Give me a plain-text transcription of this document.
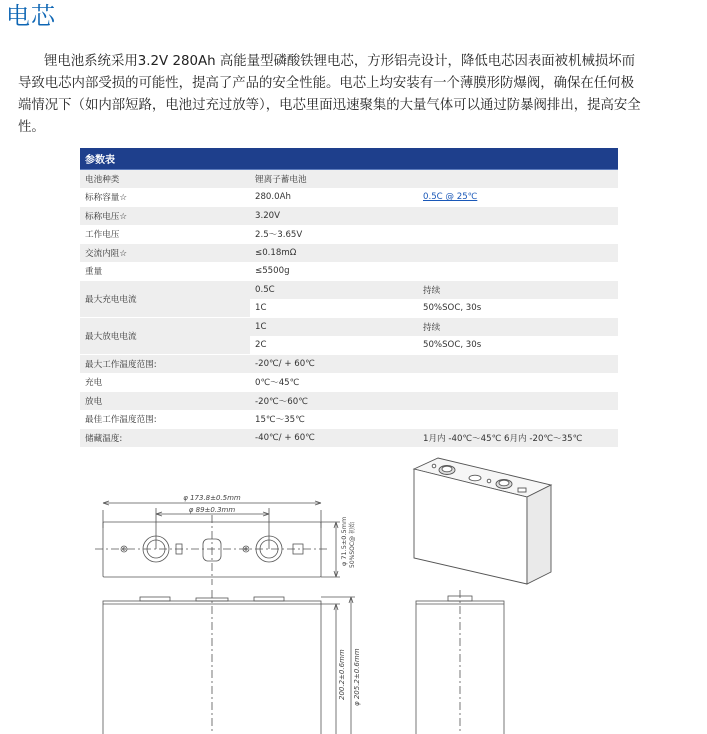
电芯
锂电池系统采用3.2V 280Ah 高能量型磷酸铁锂电芯，方形铝壳设计，降低电芯因表面被机械损坏而导致电芯内部受损的可能性，提高了产品的安全性能。电芯上均安装有一个薄膜形防爆阀，确保在任何极端情况下（如内部短路，电池过充过放等），电芯里面迅速聚集的大量气体可以通过防暴阀排出，提高安全性。
参数表		
电池种类	锂离子蓄电池	
标称容量☆	280.0Ah	0.5C @ 25℃
标称电压☆	3.20V	
工作电压	2.5～3.65V	
交流内阻☆	≤0.18mΩ	
重量	≤5500g	
最大充电电流	0.5C	持续
	1C	50%SOC, 30s
最大放电电流	1C	持续
	2C	50%SOC, 30s
最大工作温度范围:	-20℃/ + 60℃	
充电	0℃～45℃	
放电	-20℃～60℃	
最佳工作温度范围:	15℃～35℃	
储藏温度:	-40℃/ + 60℃	1月内 -40℃～45℃ 6月内 -20℃～35℃
φ 173.8±0.5mm
φ 89±0.3mm
φ 71.5±0.5mm 50%SOC@ 初始
200.2±0.6mm φ 205.2±0.6mm
